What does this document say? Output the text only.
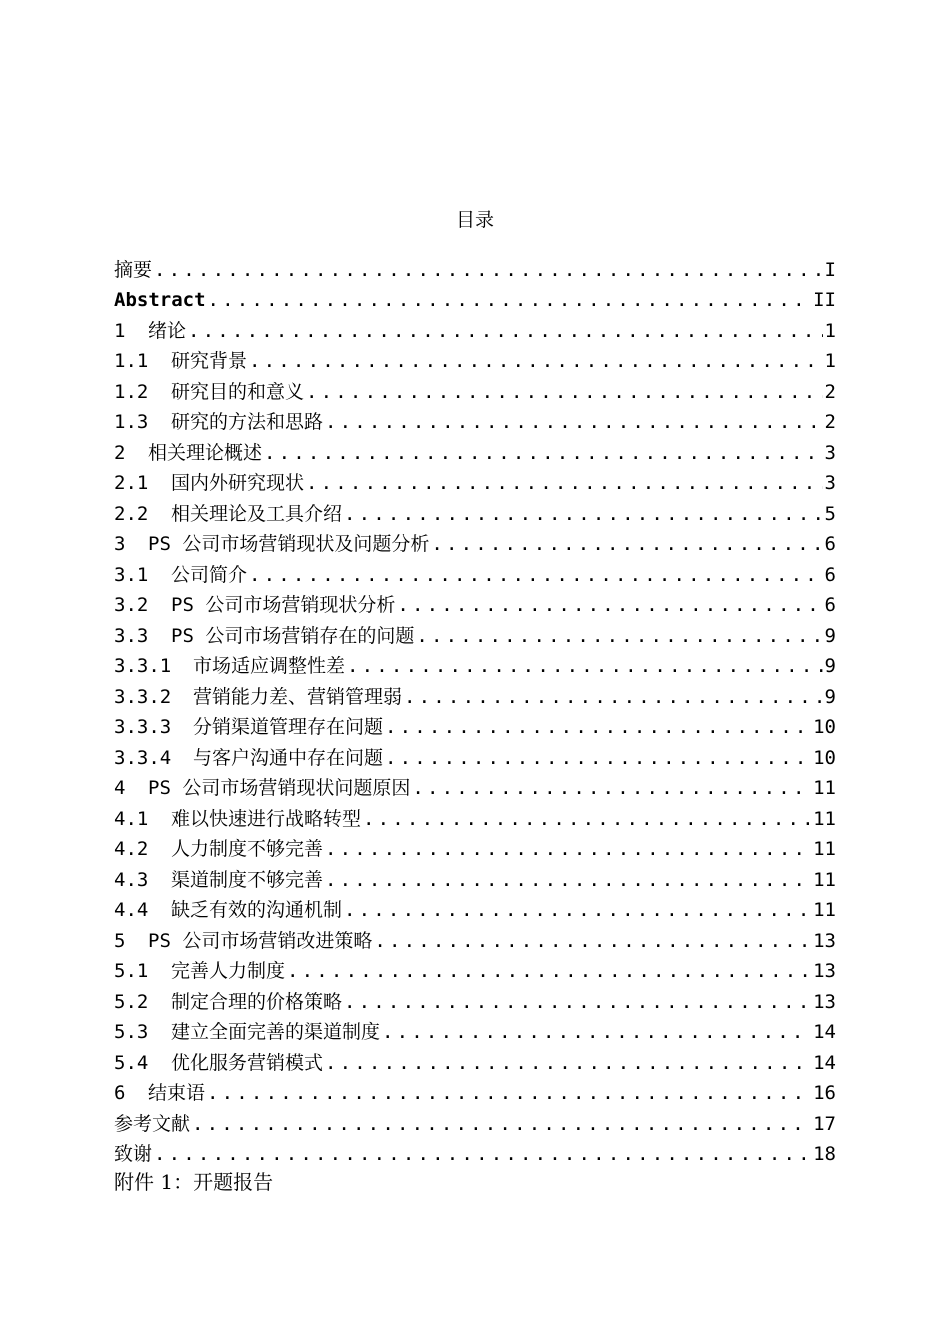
目录
摘要 .....	I
Abstract .....	II
1	绪论 .....	1
1.1	研究背景 .....	1
1.2	研究目的和意义 .....	2
1.3	研究的方法和思路 .....	2
2	相关理论概述 .....	3
2.1	国内外研究现状 .....	3
2.2	相关理论及工具介绍 .....	5
3	PS 公司市场营销现状及问题分析 .....	6
3.1	公司简介 .....	6
3.2	PS 公司市场营销现状分析 .....	6
3.3	PS 公司市场营销存在的问题 .....	9
3.3.1	市场适应调整性差 .....	9
3.3.2	营销能力差、营销管理弱 .....	9
3.3.3	分销渠道管理存在问题 .....	10
3.3.4	与客户沟通中存在问题 .....	10
4	PS 公司市场营销现状问题原因 .....	11
4.1	难以快速进行战略转型 .....	11
4.2	人力制度不够完善 .....	11
4.3	渠道制度不够完善 .....	11
4.4	缺乏有效的沟通机制 .....	11
5	PS 公司市场营销改进策略 .....	13
5.1	完善人力制度 .....	13
5.2	制定合理的价格策略 .....	13
5.3	建立全面完善的渠道制度 .....	14
5.4	优化服务营销模式 .....	14
6	结束语 .....	16
参考文献 .....	17
致谢 .....	18
附件 1：开题报告
